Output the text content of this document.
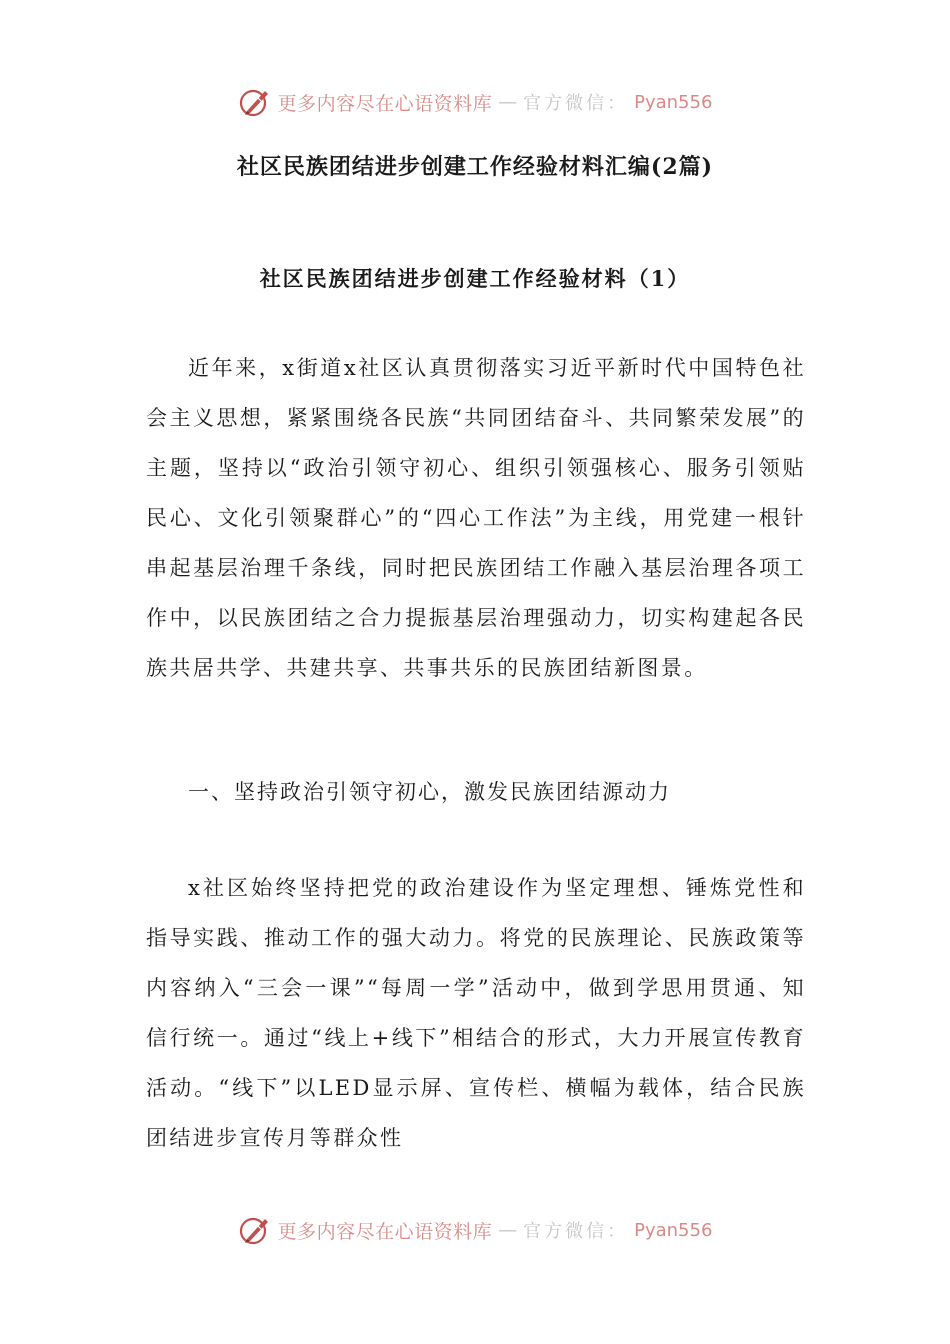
更多内容尽在心语资料库 — 官方微信： Pyan556
社区民族团结进步创建工作经验材料汇编(2篇)
社区民族团结进步创建工作经验材料（1）

近年来，x街道x社区认真贯彻落实习近平新时代中国特色社会主义思想，紧紧围绕各民族“共同团结奋斗、共同繁荣发展”的主题，坚持以“政治引领守初心、组织引领强核心、服务引领贴民心、文化引领聚群心”的“四心工作法”为主线，用党建一根针串起基层治理千条线，同时把民族团结工作融入基层治理各项工作中，以民族团结之合力提振基层治理强动力，切实构建起各民族共居共学、共建共享、共事共乐的民族团结新图景。

一、坚持政治引领守初心，激发民族团结源动力

x社区始终坚持把党的政治建设作为坚定理想、锤炼党性和指导实践、推动工作的强大动力。将党的民族理论、民族政策等内容纳入“三会一课”“每周一学”活动中，做到学思用贯通、知信行统一。通过“线上+线下”相结合的形式，大力开展宣传教育活动。“线下”以LED显示屏、宣传栏、横幅为载体，结合民族团结进步宣传月等群众性

更多内容尽在心语资料库 — 官方微信： Pyan556
